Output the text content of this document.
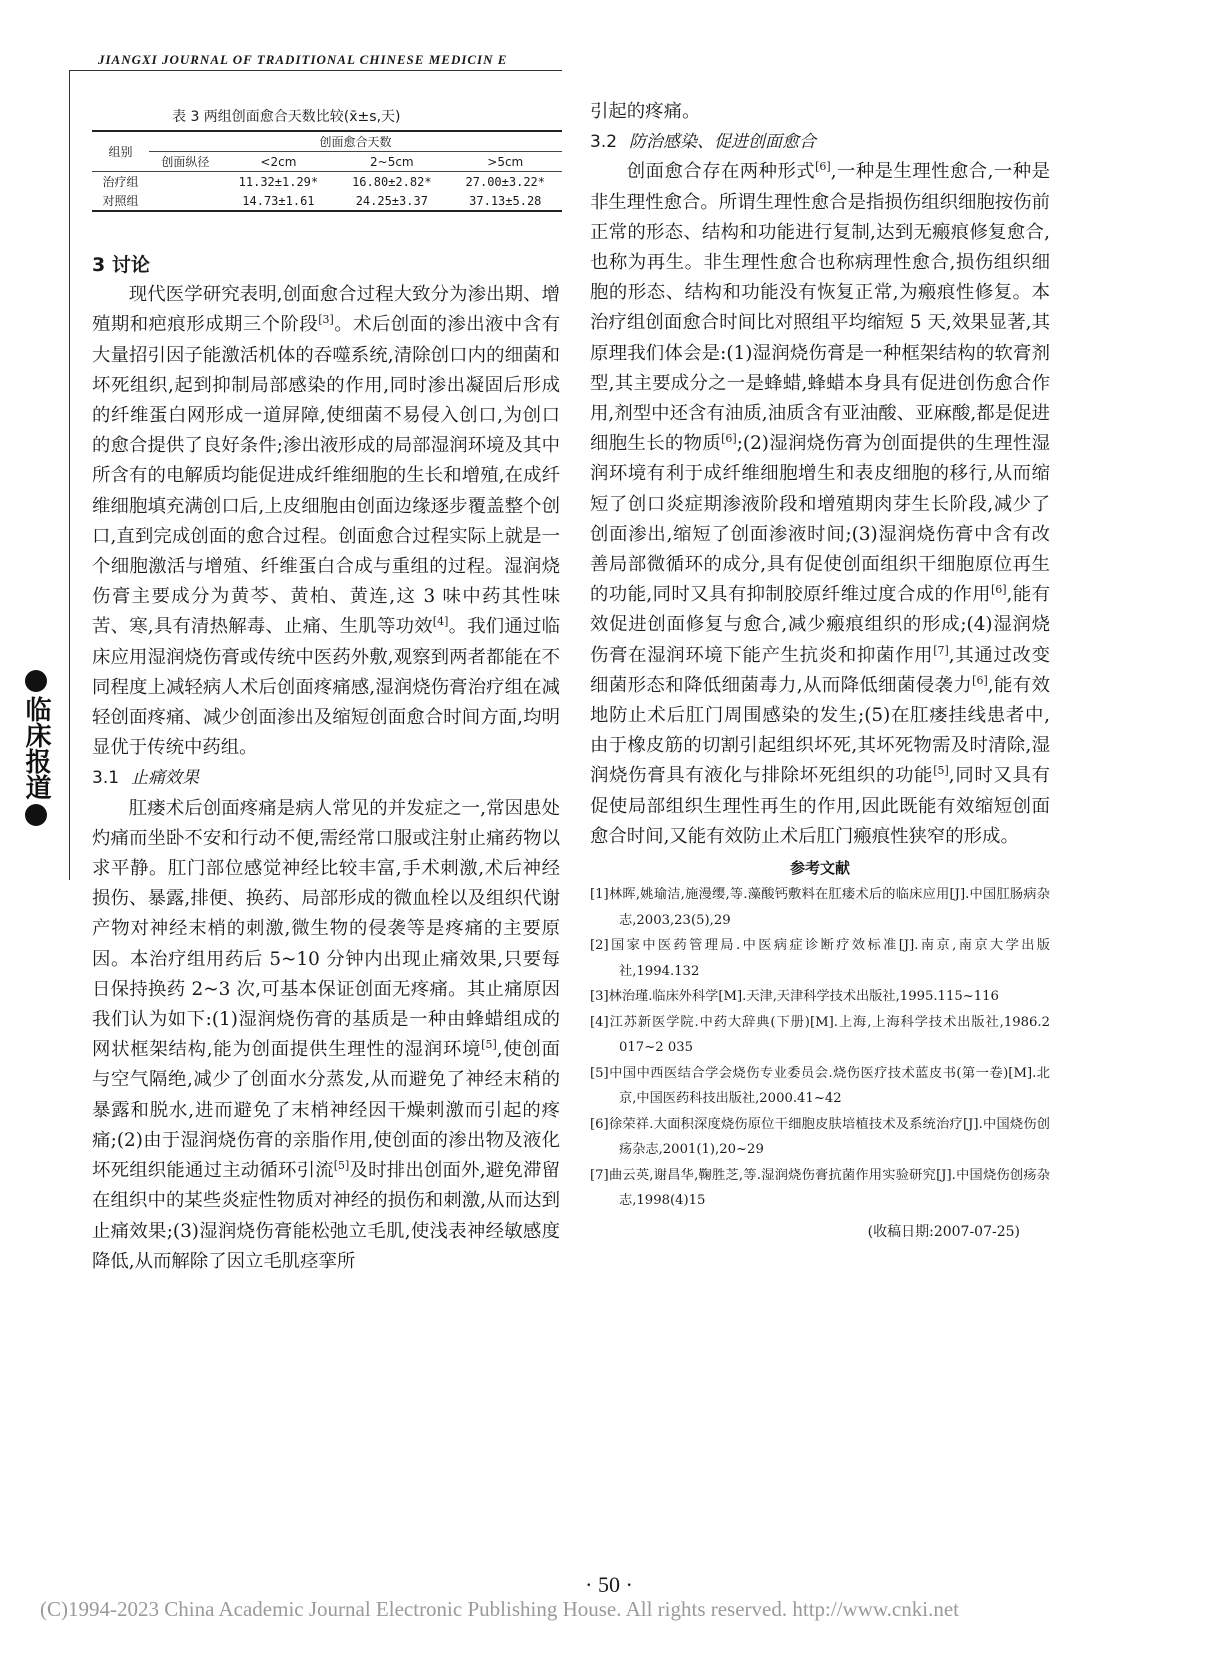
JIANGXI JOURNAL OF TRADITIONAL CHINESE MEDICIN E
临床报道
表 3 两组创面愈合天数比较(x̄±s,天)

组别	创面愈合天数			
	创面纵径	<2cm	2~5cm	>5cm
治疗组		11.32±1.29*	16.80±2.82*	27.00±3.22*
对照组		14.73±1.61	24.25±3.37	37.13±5.28
3 讨论

现代医学研究表明,创面愈合过程大致分为渗出期、增殖期和疤痕形成期三个阶段[3]。术后创面的渗出液中含有大量招引因子能激活机体的吞噬系统,清除创口内的细菌和坏死组织,起到抑制局部感染的作用,同时渗出凝固后形成的纤维蛋白网形成一道屏障,使细菌不易侵入创口,为创口的愈合提供了良好条件;渗出液形成的局部湿润环境及其中所含有的电解质均能促进成纤维细胞的生长和增殖,在成纤维细胞填充满创口后,上皮细胞由创面边缘逐步覆盖整个创口,直到完成创面的愈合过程。创面愈合过程实际上就是一个细胞激活与增殖、纤维蛋白合成与重组的过程。湿润烧伤膏主要成分为黄芩、黄柏、黄连,这 3 味中药其性味苦、寒,具有清热解毒、止痛、生肌等功效[4]。我们通过临床应用湿润烧伤膏或传统中医药外敷,观察到两者都能在不同程度上减轻病人术后创面疼痛感,湿润烧伤膏治疗组在减轻创面疼痛、减少创面渗出及缩短创面愈合时间方面,均明显优于传统中药组。

3.1 止痛效果

肛瘘术后创面疼痛是病人常见的并发症之一,常因患处灼痛而坐卧不安和行动不便,需经常口服或注射止痛药物以求平静。肛门部位感觉神经比较丰富,手术刺激,术后神经损伤、暴露,排便、换药、局部形成的微血栓以及组织代谢产物对神经末梢的刺激,微生物的侵袭等是疼痛的主要原因。本治疗组用药后 5~10 分钟内出现止痛效果,只要每日保持换药 2~3 次,可基本保证创面无疼痛。其止痛原因我们认为如下:(1)湿润烧伤膏的基质是一种由蜂蜡组成的网状框架结构,能为创面提供生理性的湿润环境[5],使创面与空气隔绝,减少了创面水分蒸发,从而避免了神经末稍的暴露和脱水,进而避免了末梢神经因干燥刺激而引起的疼痛;(2)由于湿润烧伤膏的亲脂作用,使创面的渗出物及液化坏死组织能通过主动循环引流[5]及时排出创面外,避免滞留在组织中的某些炎症性物质对神经的损伤和刺激,从而达到止痛效果;(3)湿润烧伤膏能松弛立毛肌,使浅表神经敏感度降低,从而解除了因立毛肌痉挛所

引起的疼痛。

3.2 防治感染、促进创面愈合

创面愈合存在两种形式[6],一种是生理性愈合,一种是非生理性愈合。所谓生理性愈合是指损伤组织细胞按伤前正常的形态、结构和功能进行复制,达到无瘢痕修复愈合,也称为再生。非生理性愈合也称病理性愈合,损伤组织细胞的形态、结构和功能没有恢复正常,为瘢痕性修复。本治疗组创面愈合时间比对照组平均缩短 5 天,效果显著,其原理我们体会是:(1)湿润烧伤膏是一种框架结构的软膏剂型,其主要成分之一是蜂蜡,蜂蜡本身具有促进创伤愈合作用,剂型中还含有油质,油质含有亚油酸、亚麻酸,都是促进细胞生长的物质[6];(2)湿润烧伤膏为创面提供的生理性湿润环境有利于成纤维细胞增生和表皮细胞的移行,从而缩短了创口炎症期渗液阶段和增殖期肉芽生长阶段,减少了创面渗出,缩短了创面渗液时间;(3)湿润烧伤膏中含有改善局部微循环的成分,具有促使创面组织干细胞原位再生的功能,同时又具有抑制胶原纤维过度合成的作用[6],能有效促进创面修复与愈合,减少瘢痕组织的形成;(4)湿润烧伤膏在湿润环境下能产生抗炎和抑菌作用[7],其通过改变细菌形态和降低细菌毒力,从而降低细菌侵袭力[6],能有效地防止术后肛门周围感染的发生;(5)在肛瘘挂线患者中,由于橡皮筋的切割引起组织坏死,其坏死物需及时清除,湿润烧伤膏具有液化与排除坏死组织的功能[5],同时又具有促使局部组织生理性再生的作用,因此既能有效缩短创面愈合时间,又能有效防止术后肛门瘢痕性狭窄的形成。

参考文献

[1]林晖,姚瑜洁,施漫缨,等.藻酸钙敷料在肛瘘术后的临床应用[J].中国肛肠病杂志,2003,23(5),29

[2]国家中医药管理局.中医病症诊断疗效标准[J].南京,南京大学出版社,1994.132

[3]林治瑾.临床外科学[M].天津,天津科学技术出版社,1995.115~116

[4]江苏新医学院.中药大辞典(下册)[M].上海,上海科学技术出版社,1986.2 017~2 035

[5]中国中西医结合学会烧伤专业委员会.烧伤医疗技术蓝皮书(第一卷)[M].北京,中国医药科技出版社,2000.41~42

[6]徐荣祥.大面积深度烧伤原位干细胞皮肤培植技术及系统治疗[J].中国烧伤创疡杂志,2001(1),20~29

[7]曲云英,谢昌华,鞠胜芝,等.湿润烧伤膏抗菌作用实验研究[J].中国烧伤创疡杂志,1998(4)15

(收稿日期:2007-07-25)
· 50 ·
(C)1994-2023 China Academic Journal Electronic Publishing House. All rights reserved. http://www.cnki.net
